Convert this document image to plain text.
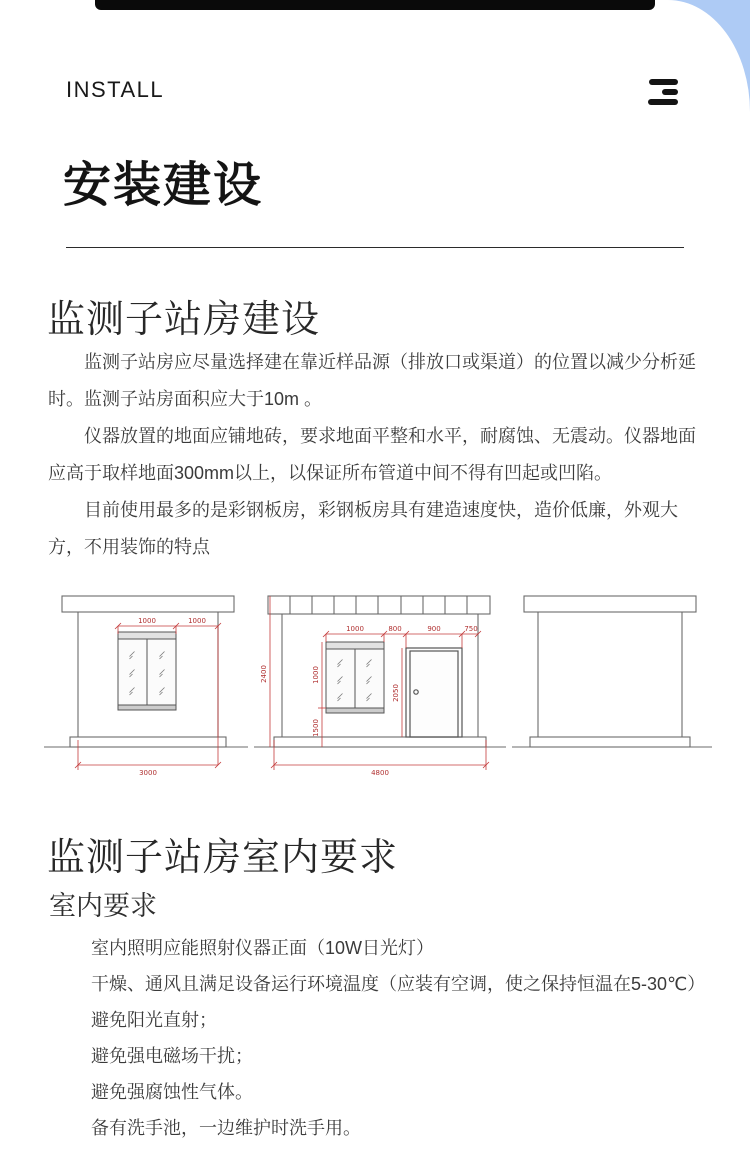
INSTALL
安装建设
监测子站房建设

监测子站房应尽量选择建在靠近样品源（排放口或渠道）的位置以减少分析延时。监测子站房面积应大于10m 。

仪器放置的地面应铺地砖，要求地面平整和水平，耐腐蚀、无震动。仪器地面应高于取样地面300mm以上，以保证所布管道中间不得有凹起或凹陷。

目前使用最多的是彩钢板房，彩钢板房具有建造速度快，造价低廉，外观大方，不用装饰的特点

1000	1000
3000
2400
1000	800	900	750
1000
1500
2050
4800
监测子站房室内要求
室内要求
室内照明应能照射仪器正面（10W日光灯）
干燥、通风且满足设备运行环境温度（应装有空调，使之保持恒温在5-30℃）
避免阳光直射；
避免强电磁场干扰；
避免强腐蚀性气体。
备有洗手池，一边维护时洗手用。
